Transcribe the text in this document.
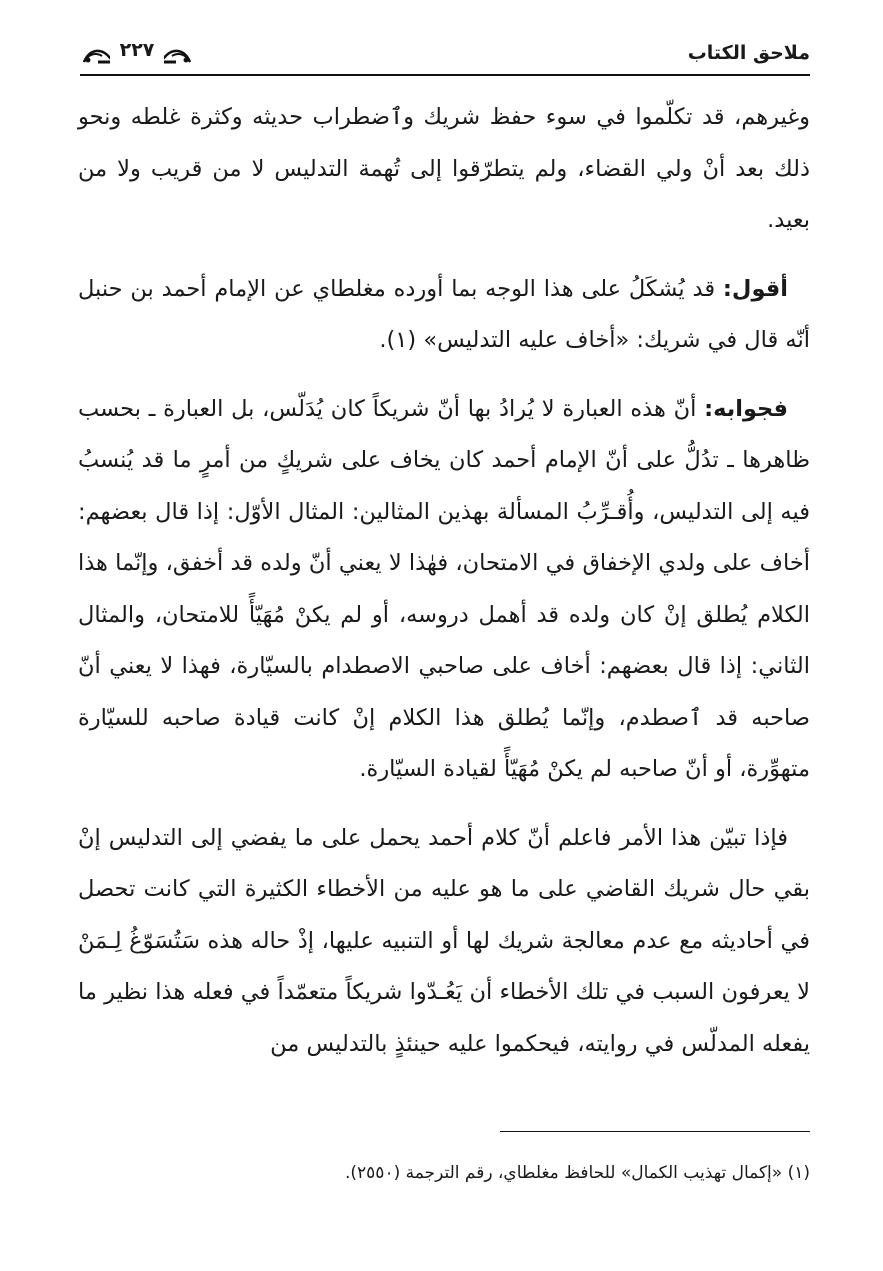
ملاحق الكتاب
٢٢٧

وغيرهم، قد تكلّموا في سوء حفظ شريك وٱضطراب حديثه وكثرة غلطه ونحو ذلك بعد أنْ ولي القضاء، ولم يتطرّقوا إلى تُهمة التدليس لا من قريب ولا من بعيد.

أقول: قد يُشكَلُ على هذا الوجه بما أورده مغلطاي عن الإمام أحمد بن حنبل أنّه قال في شريك: «أخاف عليه التدليس» (١).

فجوابه: أنّ هذه العبارة لا يُرادُ بها أنّ شريكاً كان يُدَلّس، بل العبارة ـ بحسب ظاهرها ـ تدُلُّ على أنّ الإمام أحمد كان يخاف على شريكٍ من أمرٍ ما قد يُنسبُ فيه إلى التدليس، وأُقـرِّبُ المسألة بهذين المثالين: المثال الأوّل: إذا قال بعضهم: أخاف على ولدي الإخفاق في الامتحان، فهٰذا لا يعني أنّ ولده قد أخفق، وإنّما هذا الكلام يُطلق إنْ كان ولده قد أهمل دروسه، أو لم يكنْ مُهَيّأً للامتحان، والمثال الثاني: إذا قال بعضهم: أخاف على صاحبي الاصطدام بالسيّارة، فهذا لا يعني أنّ صاحبه قد ٱصطدم، وإنّما يُطلق هذا الكلام إنْ كانت قيادة صاحبه للسيّارة متهوِّرة، أو أنّ صاحبه لم يكنْ مُهَيّأً لقيادة السيّارة.

فإذا تبيّن هذا الأمر فاعلم أنّ كلام أحمد يحمل على ما يفضي إلى التدليس إنْ بقي حال شريك القاضي على ما هو عليه من الأخطاء الكثيرة التي كانت تحصل في أحاديثه مع عدم معالجة شريك لها أو التنبيه عليها، إذْ حاله هذه سَتُسَوّغُ لِـمَنْ لا يعرفون السبب في تلك الأخطاء أن يَعُـدّوا شريكاً متعمّداً في فعله هذا نظير ما يفعله المدلّس في روايته، فيحكموا عليه حينئذٍ بالتدليس من

(١) «إكمال تهذيب الكمال» للحافظ مغلطاي، رقم الترجمة (٢٥٥٠).
